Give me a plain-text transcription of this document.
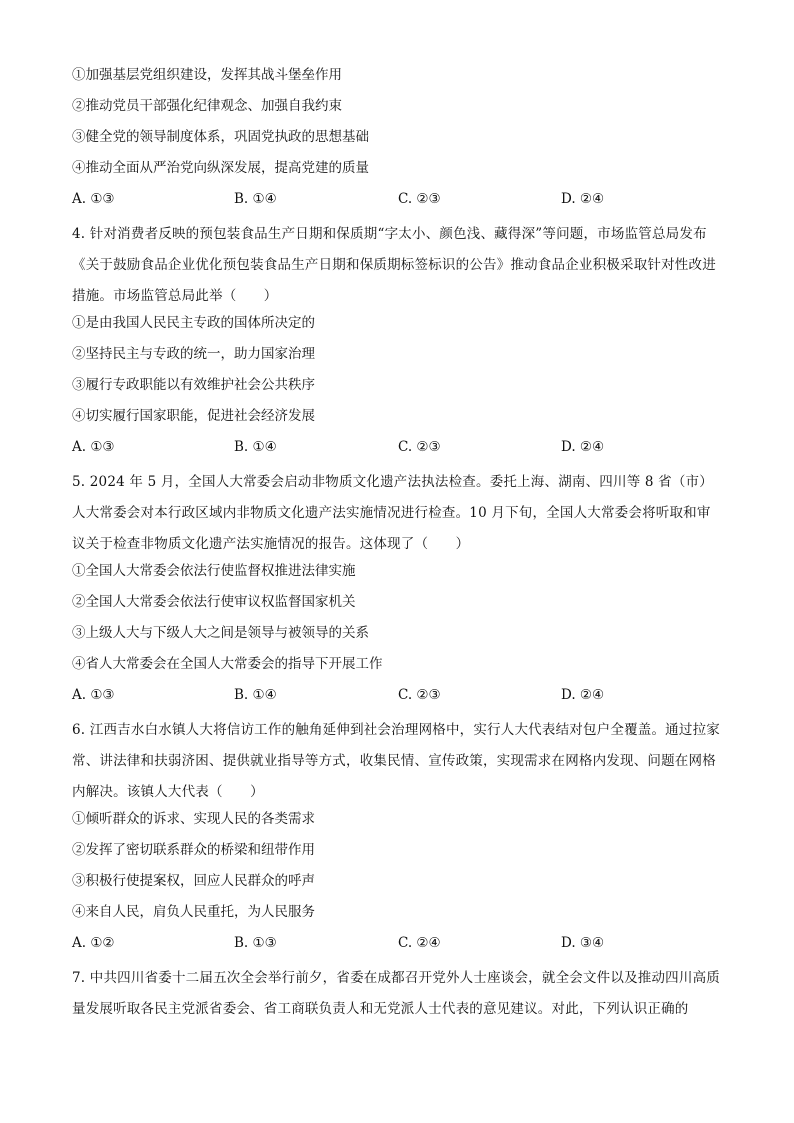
①加强基层党组织建设，发挥其战斗堡垒作用
②推动党员干部强化纪律观念、加强自我约束
③健全党的领导制度体系，巩固党执政的思想基础
④推动全面从严治党向纵深发展，提高党建的质量
A. ①③	B. ①④	C. ②③	D. ②④
4. 针对消费者反映的预包装食品生产日期和保质期“字太小、颜色浅、藏得深”等问题，市场监管总局发布《关于鼓励食品企业优化预包装食品生产日期和保质期标签标识的公告》推动食品企业积极采取针对性改进措施。市场监管总局此举（　　）
①是由我国人民民主专政的国体所决定的
②坚持民主与专政的统一，助力国家治理
③履行专政职能以有效维护社会公共秩序
④切实履行国家职能，促进社会经济发展
A. ①③	B. ①④	C. ②③	D. ②④
5. 2024 年 5 月，全国人大常委会启动非物质文化遗产法执法检查。委托上海、湖南、四川等 8 省（市）人大常委会对本行政区域内非物质文化遗产法实施情况进行检查。10 月下旬，全国人大常委会将听取和审议关于检查非物质文化遗产法实施情况的报告。这体现了（　　）
①全国人大常委会依法行使监督权推进法律实施
②全国人大常委会依法行使审议权监督国家机关
③上级人大与下级人大之间是领导与被领导的关系
④省人大常委会在全国人大常委会的指导下开展工作
A. ①③	B. ①④	C. ②③	D. ②④
6. 江西吉水白水镇人大将信访工作的触角延伸到社会治理网格中，实行人大代表结对包户全覆盖。通过拉家常、讲法律和扶弱济困、提供就业指导等方式，收集民情、宣传政策，实现需求在网格内发现、问题在网格内解决。该镇人大代表（　　）
①倾听群众的诉求、实现人民的各类需求
②发挥了密切联系群众的桥梁和纽带作用
③积极行使提案权，回应人民群众的呼声
④来自人民，肩负人民重托，为人民服务
A. ①②	B. ①③	C. ②④	D. ③④
7. 中共四川省委十二届五次全会举行前夕，省委在成都召开党外人士座谈会，就全会文件以及推动四川高质量发展听取各民主党派省委会、省工商联负责人和无党派人士代表的意见建议。对此，下列认识正确的
